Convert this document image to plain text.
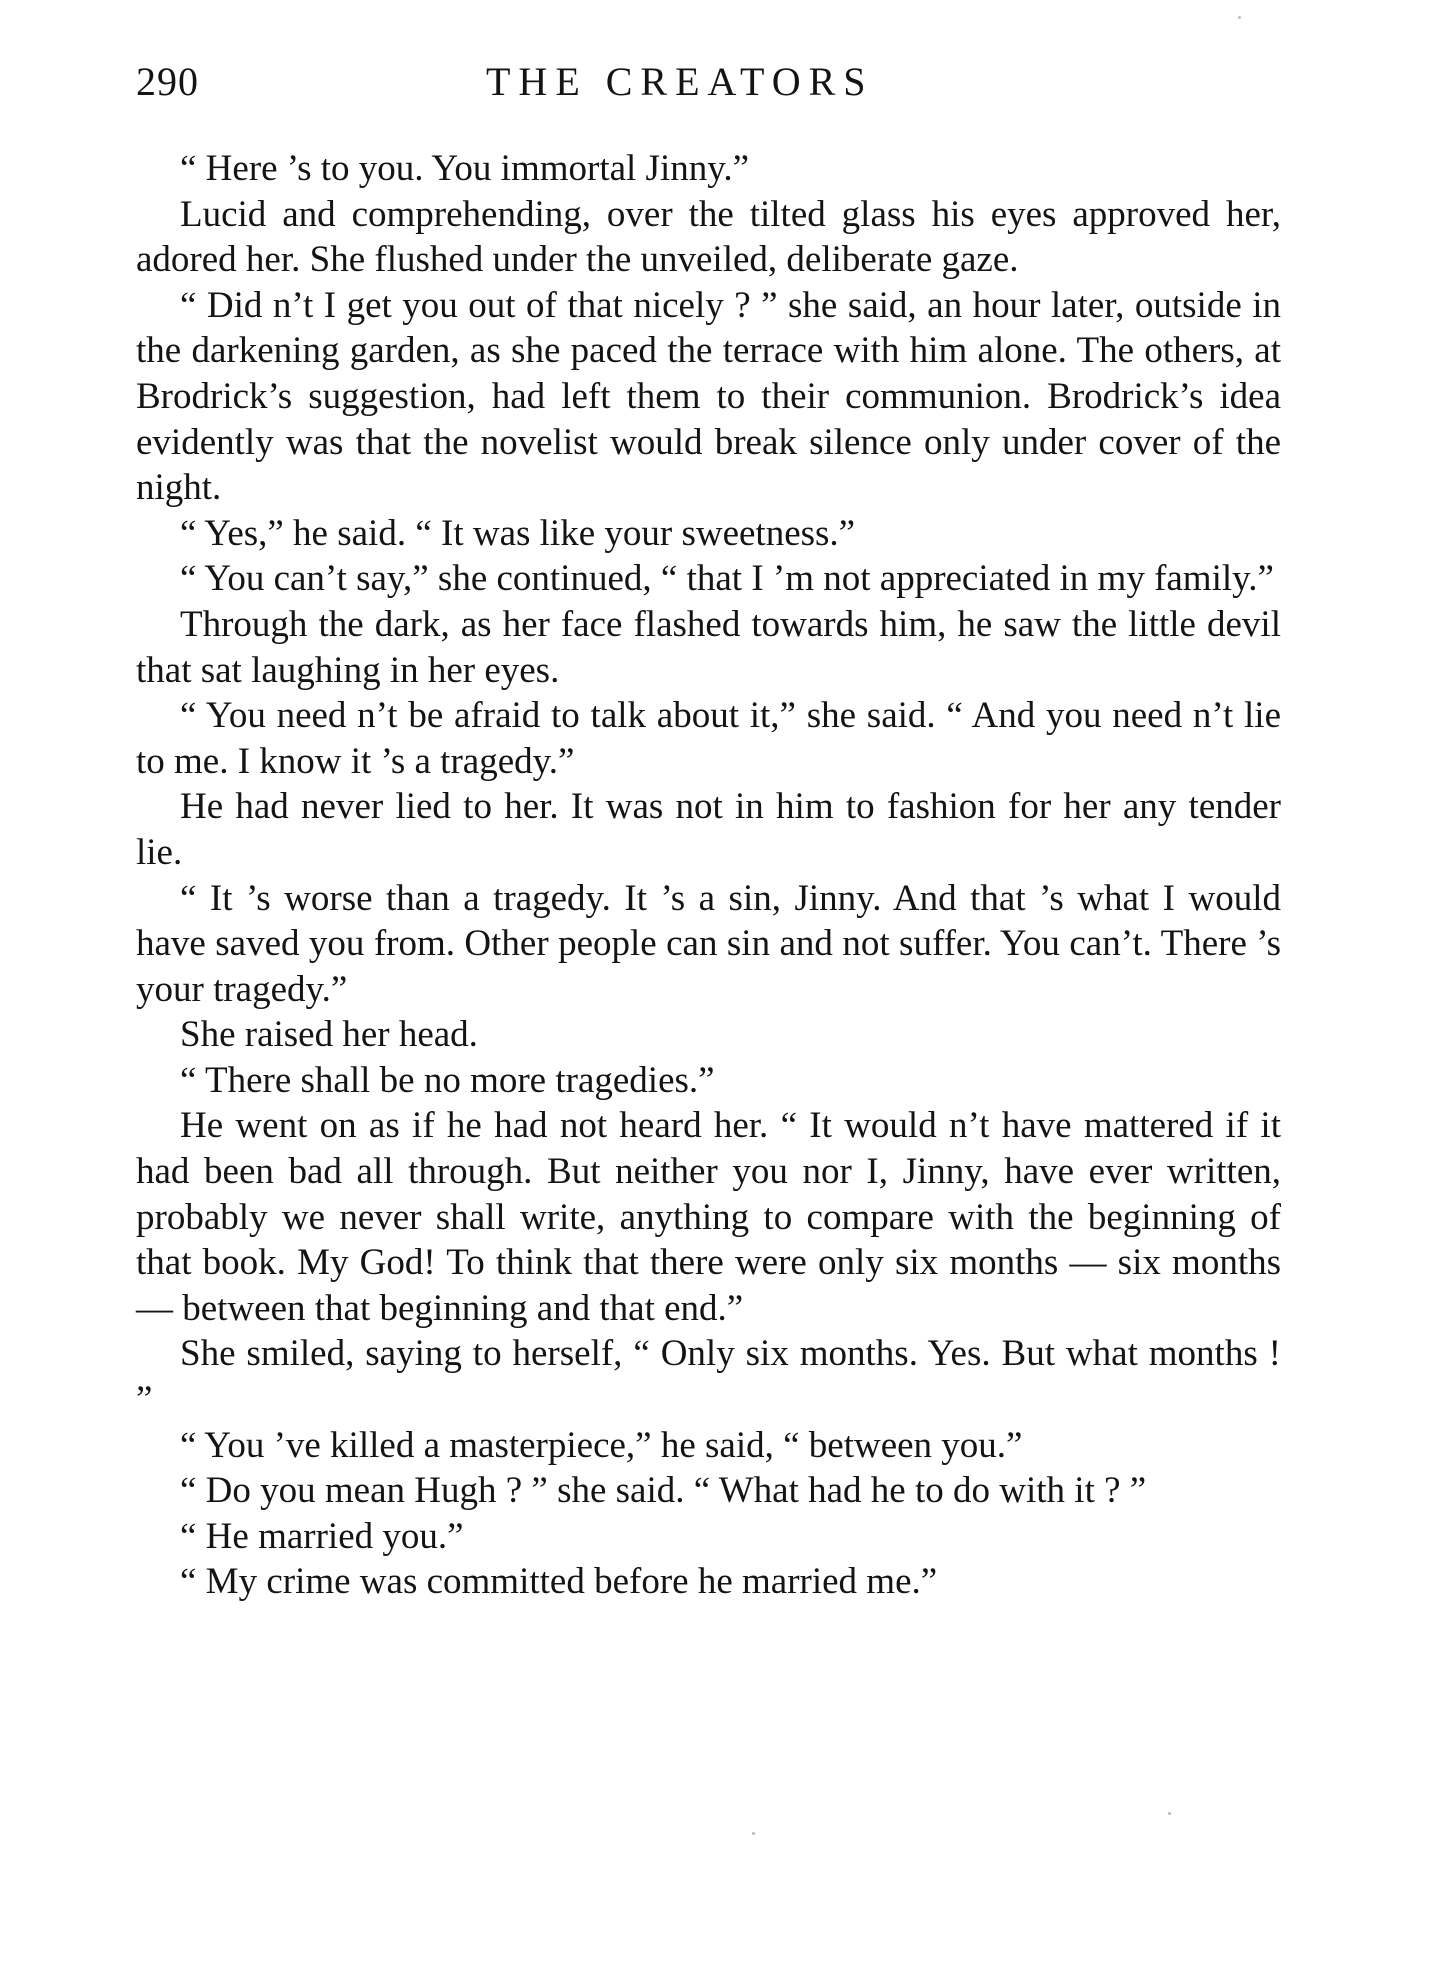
290	THE CREATORS

“ Here ’s to you. You immortal Jinny.”

Lucid and comprehending, over the tilted glass his eyes approved her, adored her. She flushed under the unveiled, deliberate gaze.

“ Did n’t I get you out of that nicely ? ” she said, an hour later, outside in the darkening garden, as she paced the terrace with him alone. The others, at Brodrick’s suggestion, had left them to their communion. Brodrick’s idea evidently was that the novelist would break silence only under cover of the night.

“ Yes,” he said. “ It was like your sweetness.”

“ You can’t say,” she continued, “ that I ’m not appreciated in my family.”

Through the dark, as her face flashed towards him, he saw the little devil that sat laughing in her eyes.

“ You need n’t be afraid to talk about it,” she said. “ And you need n’t lie to me. I know it ’s a tragedy.”

He had never lied to her. It was not in him to fashion for her any tender lie.

“ It ’s worse than a tragedy. It ’s a sin, Jinny. And that ’s what I would have saved you from. Other people can sin and not suffer. You can’t. There ’s your tragedy.”

She raised her head.

“ There shall be no more tragedies.”

He went on as if he had not heard her. “ It would n’t have mattered if it had been bad all through. But neither you nor I, Jinny, have ever written, probably we never shall write, anything to compare with the beginning of that book. My God! To think that there were only six months — six months — between that beginning and that end.”

She smiled, saying to herself, “ Only six months. Yes. But what months ! ”

“ You ’ve killed a masterpiece,” he said, “ between you.”

“ Do you mean Hugh ? ” she said. “ What had he to do with it ? ”

“ He married you.”

“ My crime was committed before he married me.”
